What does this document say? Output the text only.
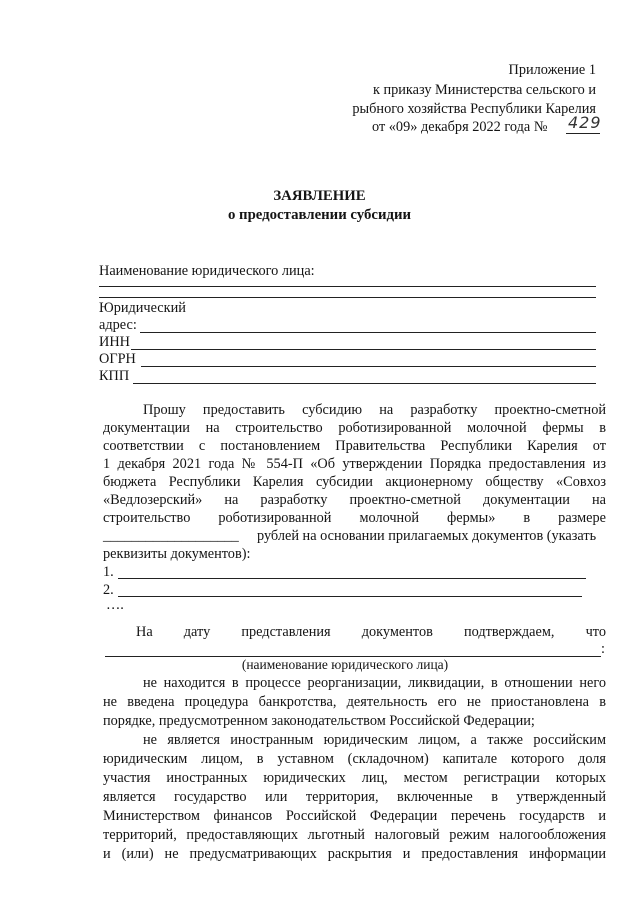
Приложение 1
к приказу Министерства сельского и
рыбного хозяйства Республики Карелия
от «09» декабря 2022 года № 429
ЗАЯВЛЕНИЕ
о предоставлении субсидии
Наименование юридического лица:
Юридический
адрес:
ИНН
ОГРН
КПП
Прошу предоставить субсидию на разработку проектно-сметной
документации на строительство роботизированной молочной фермы в
соответствии с постановлением Правительства Республики Карелия от
1 декабря 2021 года № 554-П «Об утверждении Порядка предоставления из
бюджета Республики Карелия субсидии акционерному обществу «Совхоз
«Ведлозерский» на разработку проектно-сметной документации на
строительство роботизированной молочной фермы» в размере
___________________ рублей на основании прилагаемых документов (указать
реквизиты документов):
1.
2.
….
На дату представления документов подтверждаем, что
:
(наименование юридического лица)
не находится в процессе реорганизации, ликвидации, в отношении него
не введена процедура банкротства, деятельность его не приостановлена в
порядке, предусмотренном законодательством Российской Федерации;
не является иностранным юридическим лицом, а также российским
юридическим лицом, в уставном (складочном) капитале которого доля
участия иностранных юридических лиц, местом регистрации которых
является государство или территория, включенные в утвержденный
Министерством финансов Российской Федерации перечень государств и
территорий, предоставляющих льготный налоговый режим налогообложения
и (или) не предусматривающих раскрытия и предоставления информации
